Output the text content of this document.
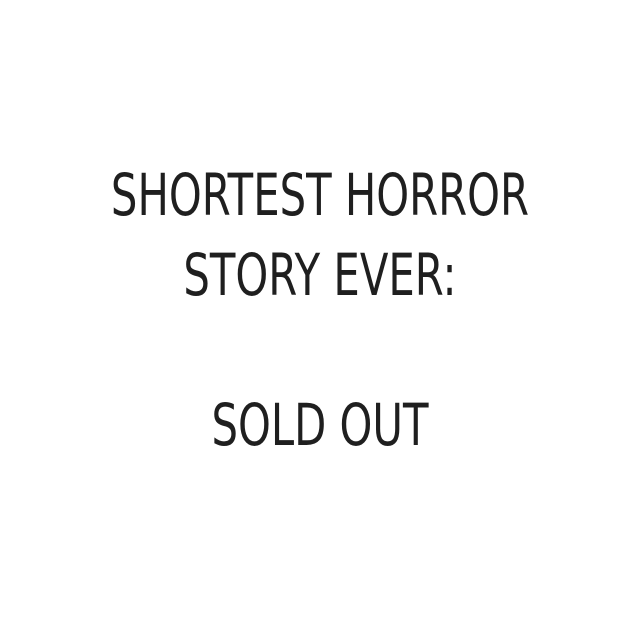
SHORTEST HORROR
STORY EVER:
SOLD OUT
